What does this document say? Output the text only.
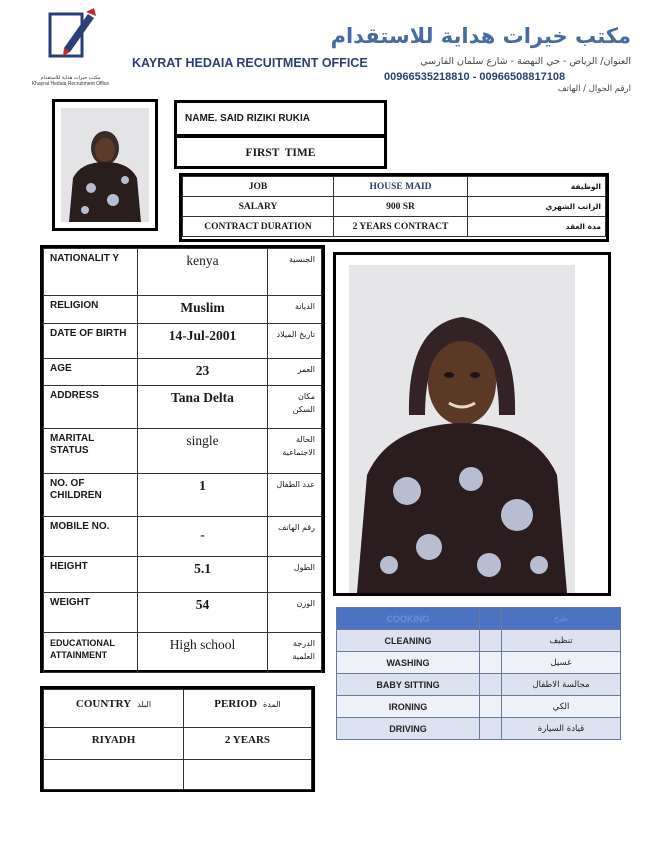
مكتب خيرات هداية للاستقدام
Khayrat Hedaia Recruitment Office
KAYRAT HEDAIA RECUITMENT OFFICE
مكتب خيرات هداية للاستقدام
العنوان/ الرياض - حي النهضة - شارع سلمان الفارسي
ارقم الجوال / الهاتف
0096653521881​0 - 00966508817108
NAME. SAID RIZIKI RUKIA
FIRST  TIME
JOB	HOUSE MAID	الوظيفة
SALARY	900 SR	الراتب الشهري
CONTRACT DURATION	2 YEARS CONTRACT	مدة العقد
NATIONALIT Y	kenya	الجنسية
RELIGION	Muslim	الديانة
DATE OF BIRTH	14-Jul-2001	تاريخ الميلاد
AGE	23	العمر
ADDRESS	Tana Delta	مكان السكن
MARITAL STATUS	single	الحالة الاجتماعية
NO. OF CHILDREN	1	عدد الطفال
MOBILE NO.	-	رقم الهاتف
HEIGHT	5.1	الطول
WEIGHT	54	الوزن
EDUCATIONAL ATTAINMENT	High school	الدرجة العلمية
COOKING		طبخ
CLEANING		تنظيف
WASHING		غسيل
BABY SITTING		مجالسة الاطفال
IRONING		الكي
DRIVING		قيادة السيارة
COUNTRY البلد	PERIOD المدة
RIYADH	2 YEARS
